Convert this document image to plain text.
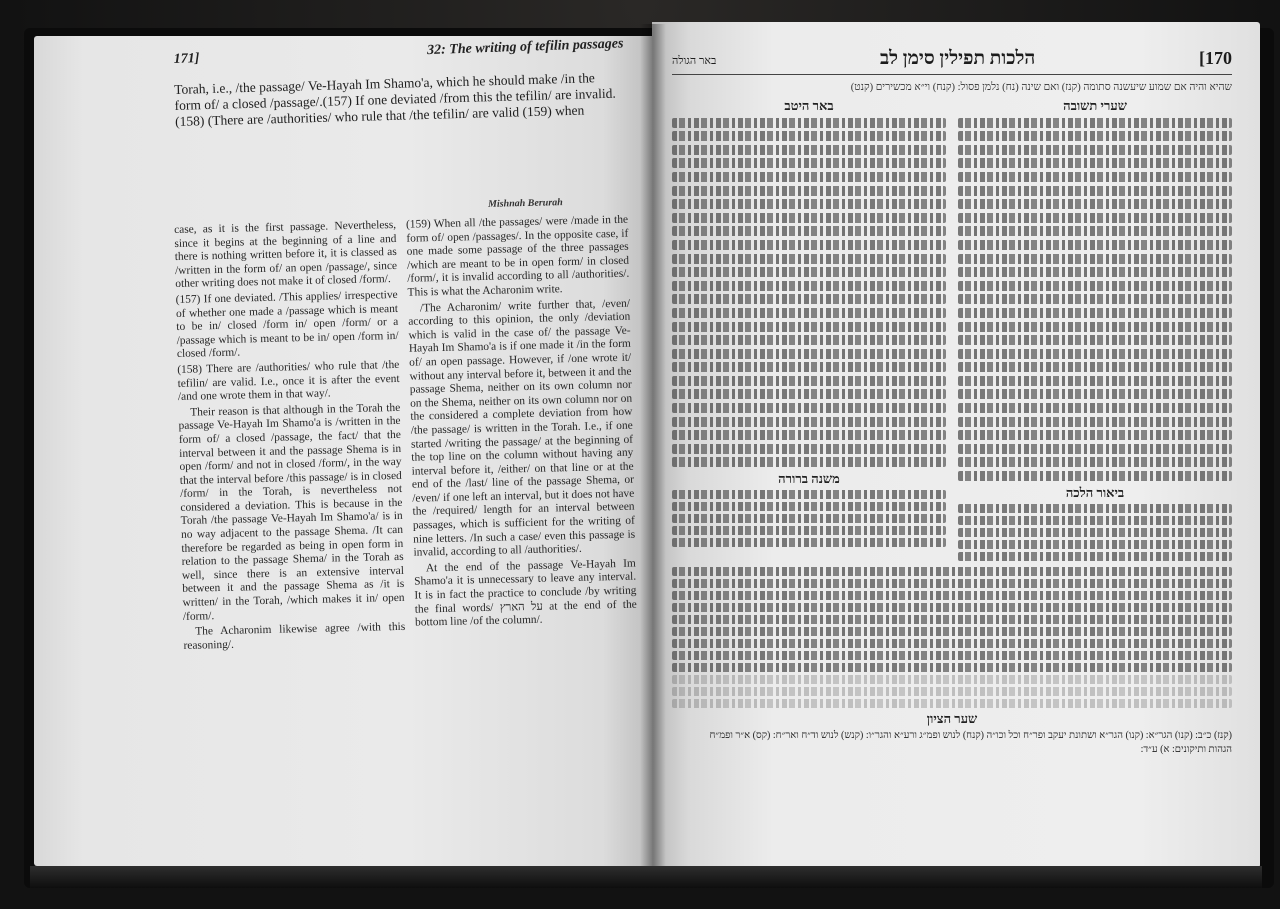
171]
32: The writing of tefilin passages
Torah, i.e., /the passage/ Ve-Hayah Im Shamo'a, which he should make /in the form of/ a closed /passage/.(157) If one deviated /from this the tefilin/ are invalid. (158) (There are /authorities/ who rule that /the tefilin/ are valid (159) when
Mishnah Berurah

case, as it is the first passage. Nevertheless, since it begins at the beginning of a line and there is nothing written before it, it is classed as /written in the form of/ an open /passage/, since other writing does not make it of closed /form/.

(157) If one deviated. /This applies/ irrespective of whether one made a /passage which is meant to be in/ closed /form in/ open /form/ or a /passage which is meant to be in/ open /form in/ closed /form/.

(158) There are /authorities/ who rule that /the tefilin/ are valid. I.e., once it is after the event /and one wrote them in that way/.

Their reason is that although in the Torah the passage Ve-Hayah Im Shamo'a is /written in the form of/ a closed /passage, the fact/ that the interval between it and the passage Shema is in open /form/ and not in closed /form/, in the way that the interval before /this passage/ is in closed /form/ in the Torah, is nevertheless not considered a deviation. This is because in the Torah /the passage Ve-Hayah Im Shamo'a/ is in no way adjacent to the passage Shema. /It can therefore be regarded as being in open form in relation to the passage Shema/ in the Torah as well, since there is an extensive interval between it and the passage Shema as /it is written/ in the Torah, /which makes it in/ open /form/.

The Acharonim likewise agree /with this reasoning/.

(159) When all /the passages/ were /made in the form of/ open /passages/. In the opposite case, if one made some passage of the three passages /which are meant to be in open form/ in closed /form/, it is invalid according to all /authorities/. This is what the Acharonim write.

/The Acharonim/ write further that, /even/ according to this opinion, the only /deviation which is valid in the case of/ the passage Ve-Hayah Im Shamo'a is if one made it /in the form of/ an open passage. However, if /one wrote it/ without any interval before it, between it and the passage Shema, neither on its own column nor on the Shema, neither on its own column nor on the considered a complete deviation from how /the passage/ is written in the Torah. I.e., if one started /writing the passage/ at the beginning of the top line on the column without having any interval before it, /either/ on that line or at the end of the /last/ line of the passage Shema, or /even/ if one left an interval, but it does not have the /required/ length for an interval between passages, which is sufficient for the writing of nine letters. /In such a case/ even this passage is invalid, according to all /authorities/.

At the end of the passage Ve-Hayah Im Shamo'a it is unnecessary to leave any interval. It is in fact the practice to conclude /by writing the final words/ על הארץ at the end of the bottom line /of the column/.

באר הגולה	הלכות תפילין סימן לב	[170
שהיא והיה אם שמוע שיעשנה סתומה (קנז) ואם שינה (נח) נלמן פסול: (קנח) וי״א מכשירים (קנט)
שערי תשובה
ביאור הלכה
באר היטב
משנה ברורה
שער הציון
(קנז) כ״ב: (קנו) הגר״א: (קנו) הגר״א ושתונת יעקב ופר״ח וכל וכו״ה (קנח) לנוש ופמ״ג ורע״א והגר״ו: (קנש) לנוש וד״ח ואר״ח: (קס) א״ר ופמ״ח
הגהות ותיקונים: א) ע״ד:
